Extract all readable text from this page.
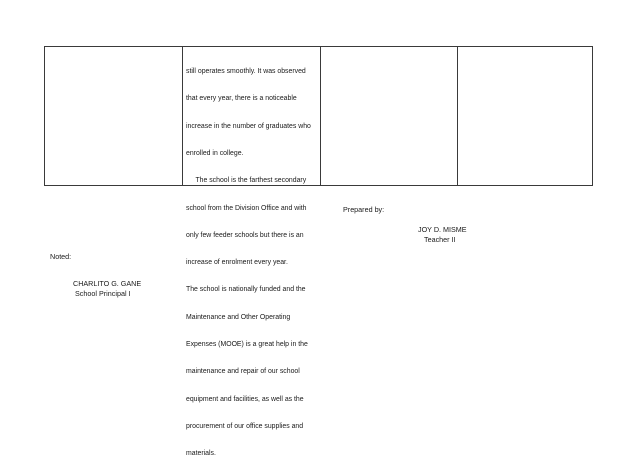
still operates smoothly. It was observed

that every year, there is a noticeable

increase in the number of graduates who

enrolled in college.

The school is the farthest secondary

school from the Division Office and with

only few feeder schools but there is an

increase of enrolment every year.

The school is nationally funded and the

Maintenance and Other Operating

Expenses (MOOE) is a great help in the

maintenance and repair of our school

equipment and facilities, as well as the

procurement of our office supplies and

materials.

Prepared by:

JOY D. MISME

Teacher II

Noted:

CHARLITO G. GANE

School Principal I
